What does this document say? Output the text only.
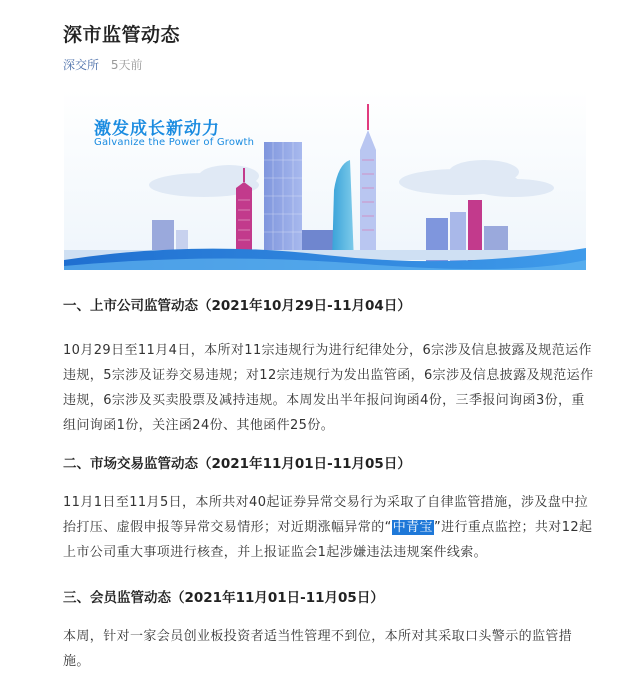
深市监管动态
深交所 5天前
激发成长新动力
Galvanize the Power of Growth
一、上市公司监管动态（2021年10月29日-11月04日）
10月29日至11月4日，本所对11宗违规行为进行纪律处分，6宗涉及信息披露及规范运作违规，5宗涉及证券交易违规；对12宗违规行为发出监管函，6宗涉及信息披露及规范运作违规，6宗涉及买卖股票及减持违规。本周发出半年报问询函4份，三季报问询函3份，重组问询函1份，关注函24份、其他函件25份。
二、市场交易监管动态（2021年11月01日-11月05日）
11月1日至11月5日，本所共对40起证券异常交易行为采取了自律监管措施，涉及盘中拉抬打压、虚假申报等异常交易情形；对近期涨幅异常的“中青宝”进行重点监控；共对12起上市公司重大事项进行核查，并上报证监会1起涉嫌违法违规案件线索。
三、会员监管动态（2021年11月01日-11月05日）
本周，针对一家会员创业板投资者适当性管理不到位，本所对其采取口头警示的监管措施。
